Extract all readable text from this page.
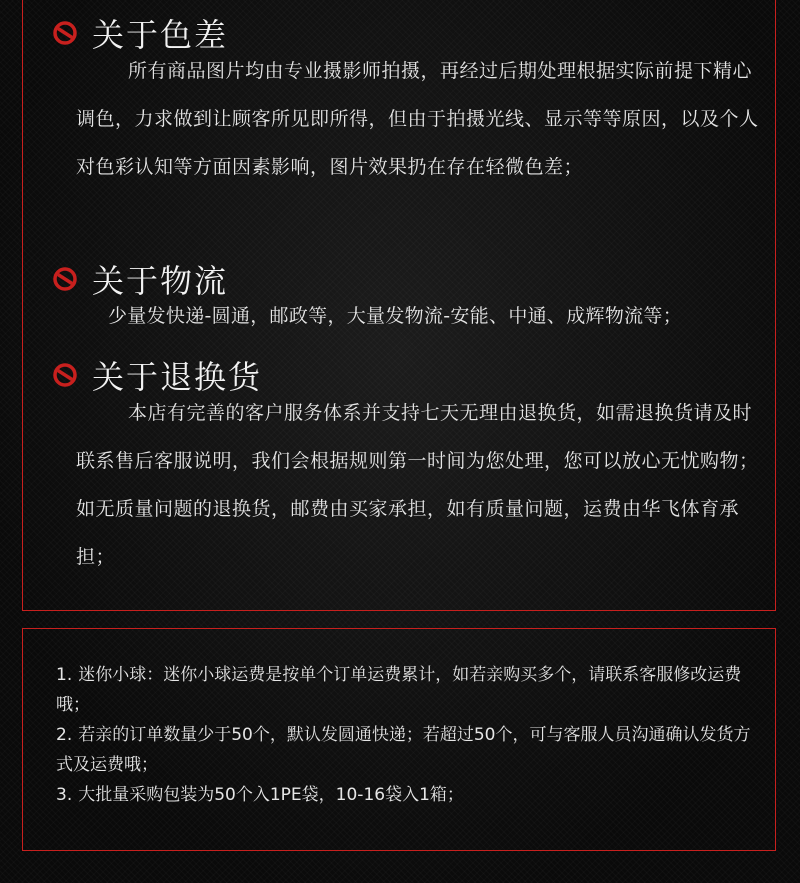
关于色差

所有商品图片均由专业摄影师拍摄，再经过后期处理根据实际前提下精心调色，力求做到让顾客所见即所得，但由于拍摄光线、显示等等原因，以及个人对色彩认知等方面因素影响，图片效果扔在存在轻微色差；

关于物流

少量发快递-圆通，邮政等，大量发物流-安能、中通、成辉物流等；

关于退换货

本店有完善的客户服务体系并支持七天无理由退换货，如需退换货请及时联系售后客服说明，我们会根据规则第一时间为您处理，您可以放心无忧购物；如无质量问题的退换货，邮费由买家承担，如有质量问题，运费由华飞体育承担；

1. 迷你小球：迷你小球运费是按单个订单运费累计，如若亲购买多个，请联系客服修改运费哦；
2. 若亲的订单数量少于50个，默认发圆通快递；若超过50个，可与客服人员沟通确认发货方式及运费哦；
3. 大批量采购包装为50个入1PE袋，10-16袋入1箱；
